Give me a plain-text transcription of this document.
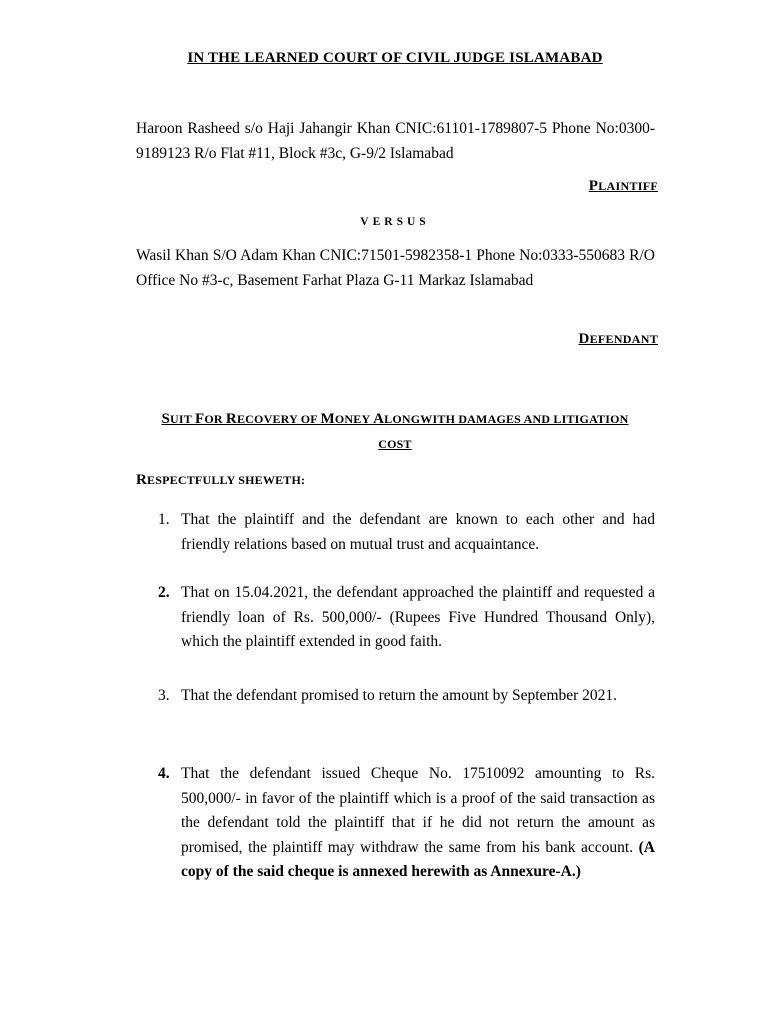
IN THE LEARNED COURT OF CIVIL JUDGE ISLAMABAD
Haroon Rasheed s/o Haji Jahangir Khan CNIC:61101-1789807-5 Phone No:0300-9189123 R/o Flat #11, Block #3c, G-9/2 Islamabad
PLAINTIFF
VERSUS
Wasil Khan S/O Adam Khan CNIC:71501-5982358-1 Phone No:0333-550683 R/O Office No #3-c, Basement Farhat Plaza G-11 Markaz Islamabad
DEFENDANT
SUIT FOR RECOVERY OF MONEY ALONGWITH DAMAGES AND LITIGATION COST
RESPECTFULLY SHEWETH:
1. That the plaintiff and the defendant are known to each other and had friendly relations based on mutual trust and acquaintance.
2. That on 15.04.2021, the defendant approached the plaintiff and requested a friendly loan of Rs. 500,000/- (Rupees Five Hundred Thousand Only), which the plaintiff extended in good faith.
3. That the defendant promised to return the amount by September 2021.
4. That the defendant issued Cheque No. 17510092 amounting to Rs. 500,000/- in favor of the plaintiff which is a proof of the said transaction as the defendant told the plaintiff that if he did not return the amount as promised, the plaintiff may withdraw the same from his bank account. (A copy of the said cheque is annexed herewith as Annexure-A.)
